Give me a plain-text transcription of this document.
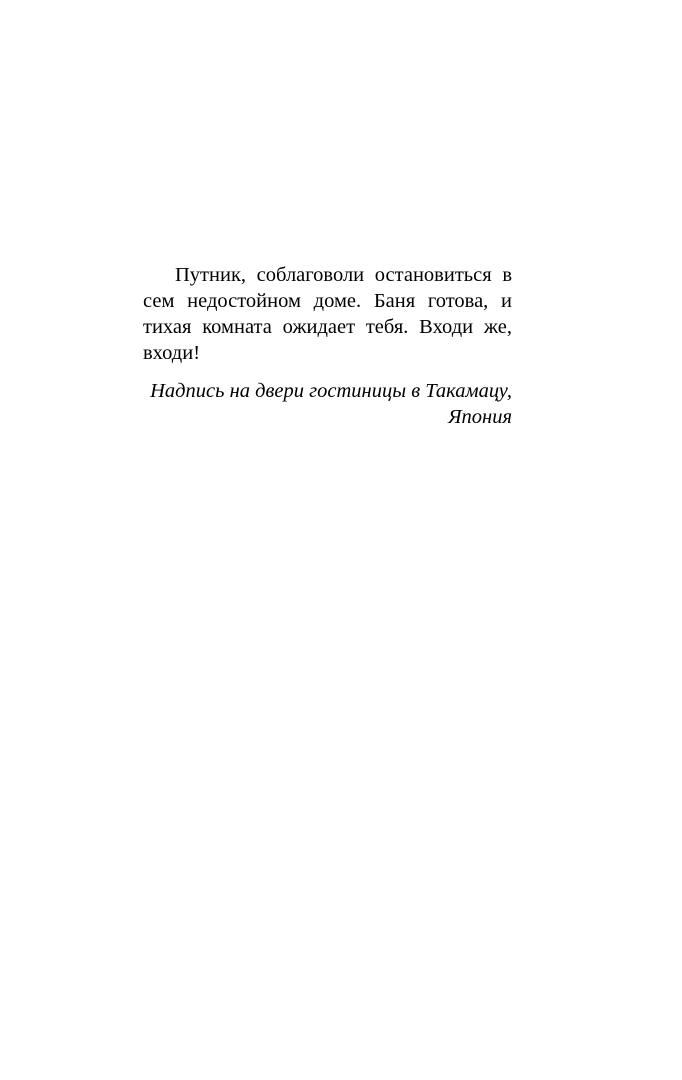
Путник, соблаговоли остановиться в
сем недостойном доме. Баня готова, и
тихая комната ожидает тебя. Входи же,
входи!
Надпись на двери гостиницы в Такамацу,
Япония
